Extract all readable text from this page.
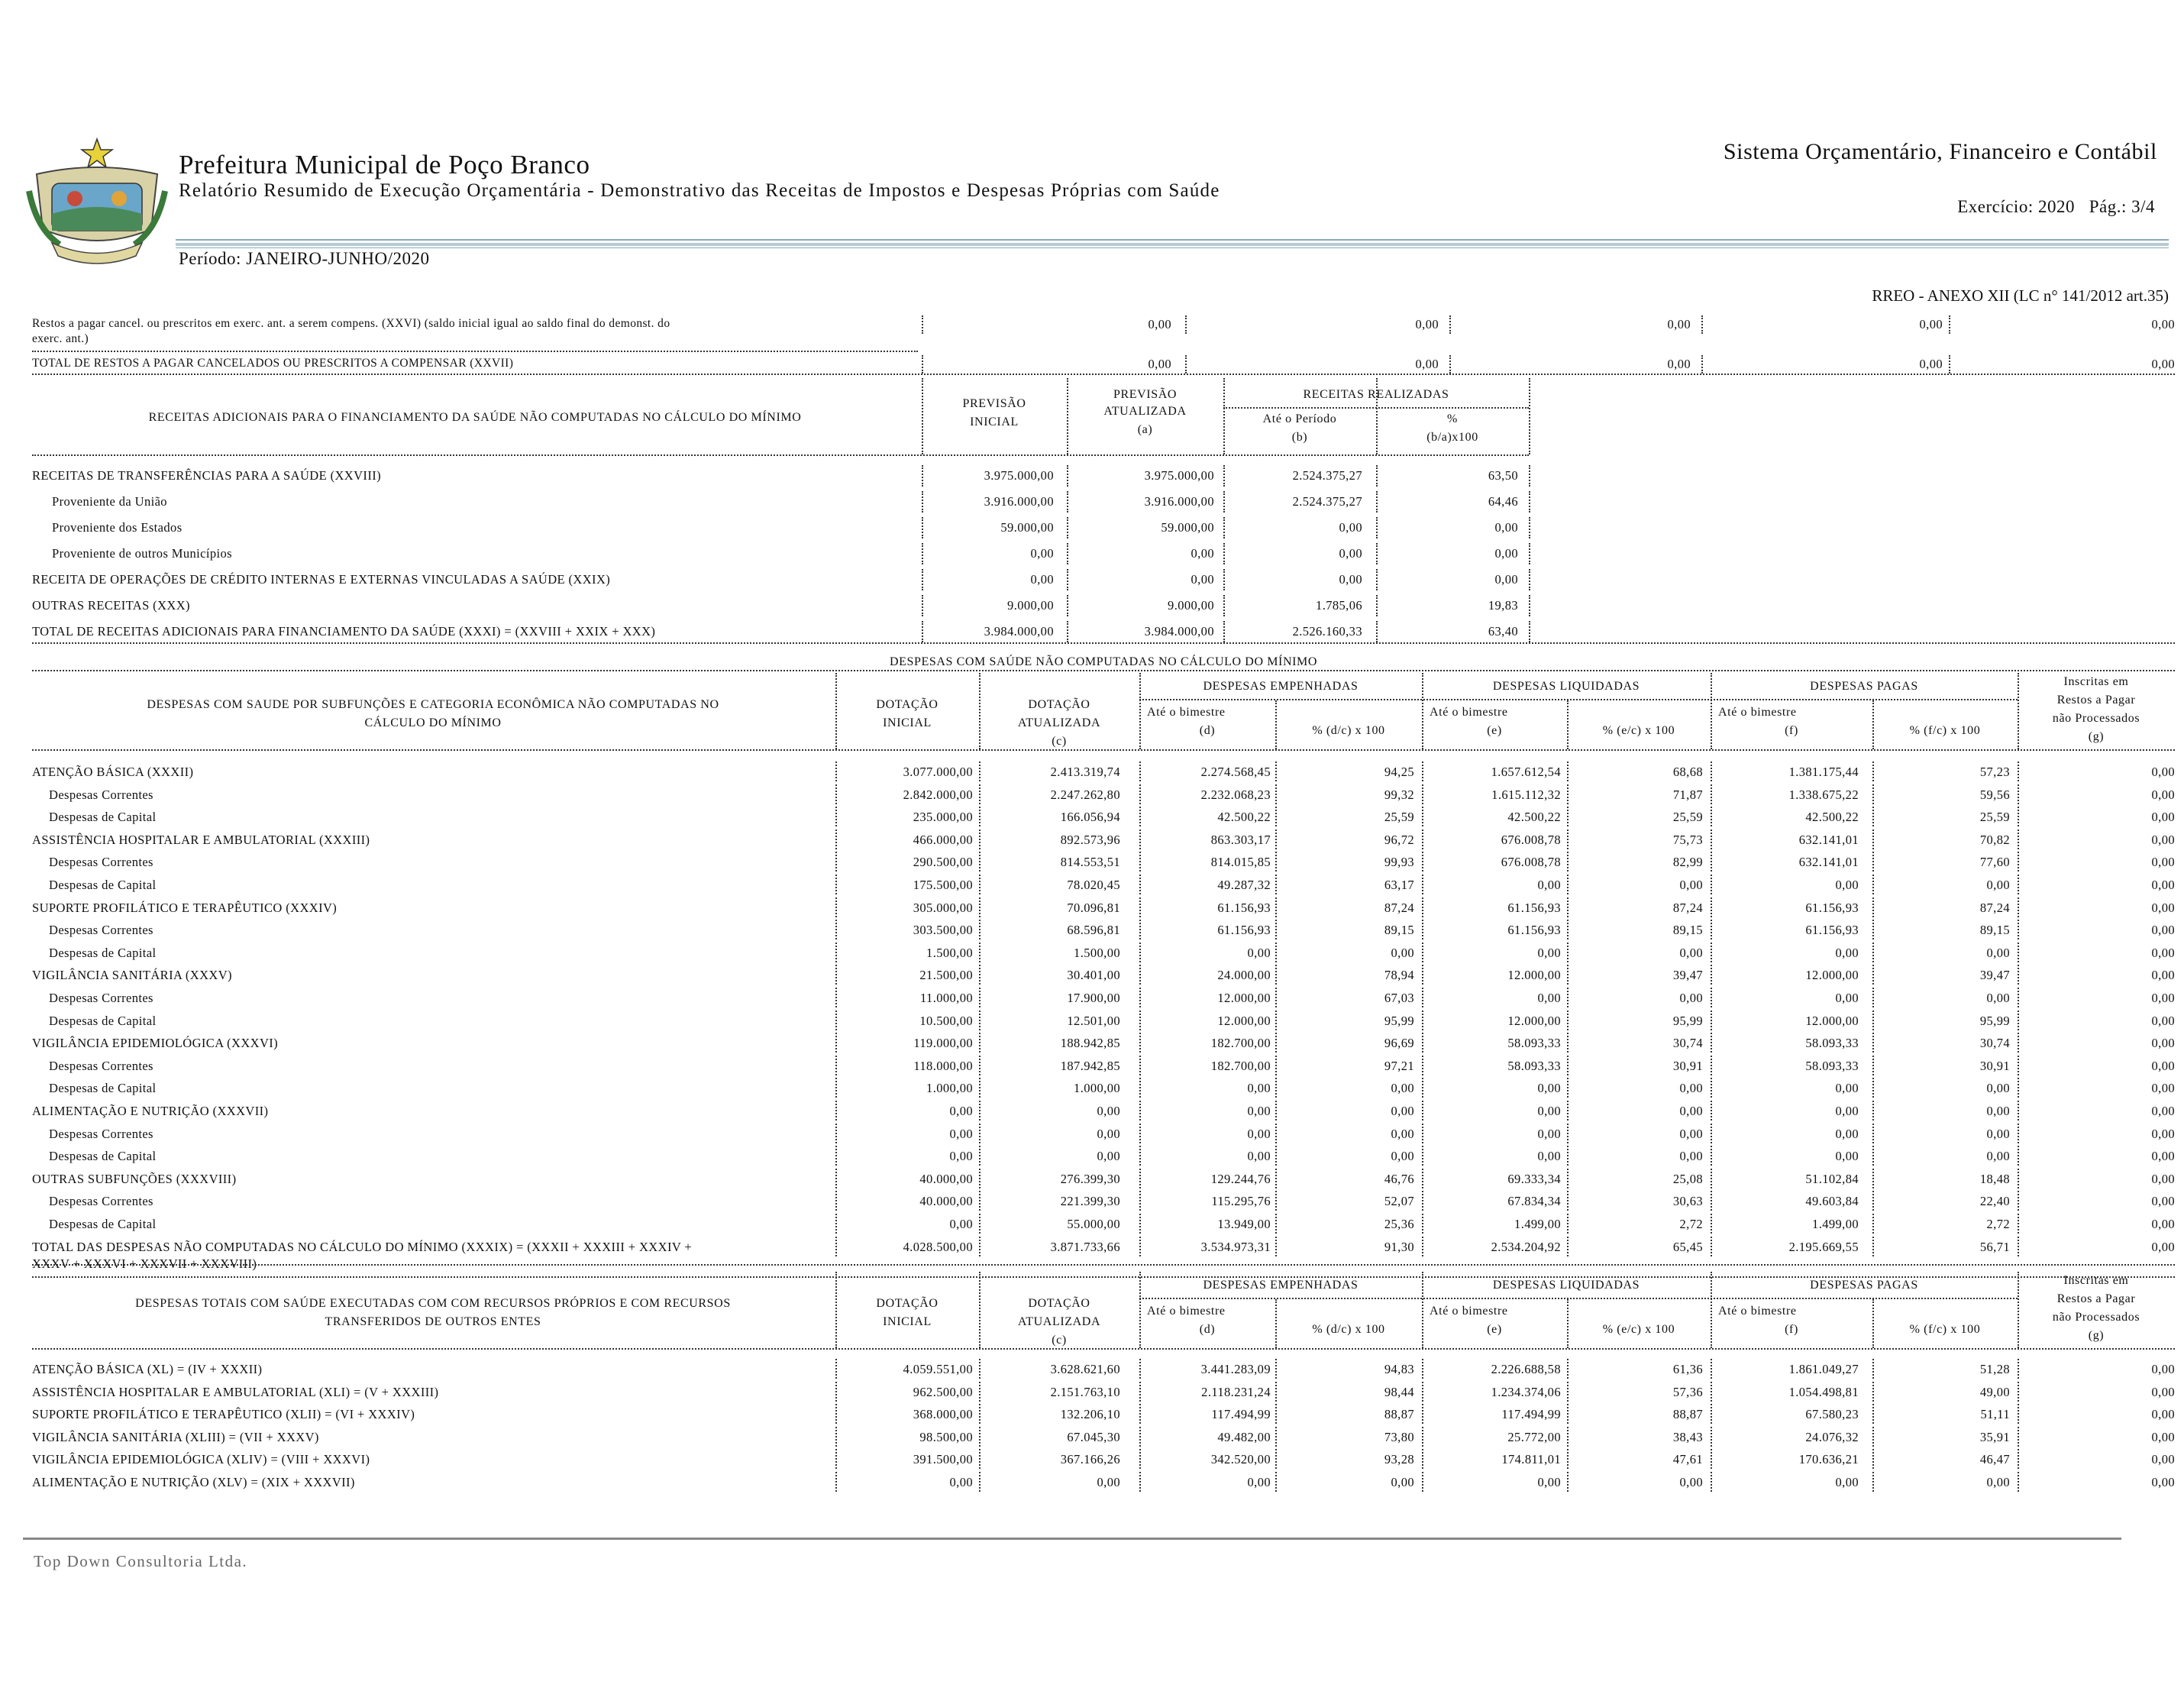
Prefeitura Municipal de Poço Branco
Relatório Resumido de Execução Orçamentária - Demonstrativo das Receitas de Impostos e Despesas Próprias com Saúde
Sistema Orçamentário, Financeiro e Contábil
Exercício: 2020   Pág.: 3/4
Período: JANEIRO-JUNHO/2020
RREO - ANEXO XII (LC n° 141/2012 art.35)
Restos a pagar cancel. ou prescritos em exerc. ant. a serem compens. (XXVI) (saldo inicial igual ao saldo final do demonst. do
exerc. ant.)
0,00	0,00	0,00	0,00	0,00
TOTAL DE RESTOS A PAGAR CANCELADOS OU PRESCRITOS A COMPENSAR (XXVII)	0,00	0,00	0,00	0,00	0,00
RECEITAS ADICIONAIS PARA O FINANCIAMENTO DA SAÚDE NÃO COMPUTADAS NO CÁLCULO DO MÍNIMO
PREVISÃO
INICIAL
PREVISÃO
ATUALIZADA
(a)
RECEITAS REALIZADAS
Até o Período
(b)
%
(b/a)x100
RECEITAS DE TRANSFERÊNCIAS PARA A SAÚDE (XXVIII)	3.975.000,00	3.975.000,00	2.524.375,27	63,50
Proveniente da União	3.916.000,00	3.916.000,00	2.524.375,27	64,46
Proveniente dos Estados	59.000,00	59.000,00	0,00	0,00
Proveniente de outros Municípios	0,00	0,00	0,00	0,00
RECEITA DE OPERAÇÕES DE CRÉDITO INTERNAS E EXTERNAS VINCULADAS A SAÚDE (XXIX)	0,00	0,00	0,00	0,00
OUTRAS RECEITAS (XXX)	9.000,00	9.000,00	1.785,06	19,83
TOTAL DE RECEITAS ADICIONAIS PARA FINANCIAMENTO DA SAÚDE (XXXI) = (XXVIII + XXIX + XXX)	3.984.000,00	3.984.000,00	2.526.160,33	63,40
DESPESAS COM SAÚDE NÃO COMPUTADAS NO CÁLCULO DO MÍNIMO
DESPESAS COM SAUDE POR SUBFUNÇÕES E CATEGORIA ECONÔMICA NÃO COMPUTADAS NO
CÁLCULO DO MÍNIMO
DOTAÇÃO
INICIAL
DOTAÇÃO
ATUALIZADA
(c)
DESPESAS EMPENHADAS
Até o bimestre
(d)	% (d/c) x 100
DESPESAS LIQUIDADAS
Até o bimestre
(e)	% (e/c) x 100
DESPESAS PAGAS
Até o bimestre
(f)	% (f/c) x 100
Inscritas em
Restos a Pagar
não Processados
(g)
ATENÇÃO BÁSICA (XXXII)	3.077.000,00	2.413.319,74	2.274.568,45	94,25	1.657.612,54	68,68	1.381.175,44	57,23	0,00
Despesas Correntes	2.842.000,00	2.247.262,80	2.232.068,23	99,32	1.615.112,32	71,87	1.338.675,22	59,56	0,00
Despesas de Capital	235.000,00	166.056,94	42.500,22	25,59	42.500,22	25,59	42.500,22	25,59	0,00
ASSISTÊNCIA HOSPITALAR E AMBULATORIAL (XXXIII)	466.000,00	892.573,96	863.303,17	96,72	676.008,78	75,73	632.141,01	70,82	0,00
Despesas Correntes	290.500,00	814.553,51	814.015,85	99,93	676.008,78	82,99	632.141,01	77,60	0,00
Despesas de Capital	175.500,00	78.020,45	49.287,32	63,17	0,00	0,00	0,00	0,00	0,00
SUPORTE PROFILÁTICO E TERAPÊUTICO (XXXIV)	305.000,00	70.096,81	61.156,93	87,24	61.156,93	87,24	61.156,93	87,24	0,00
Despesas Correntes	303.500,00	68.596,81	61.156,93	89,15	61.156,93	89,15	61.156,93	89,15	0,00
Despesas de Capital	1.500,00	1.500,00	0,00	0,00	0,00	0,00	0,00	0,00	0,00
VIGILÂNCIA SANITÁRIA (XXXV)	21.500,00	30.401,00	24.000,00	78,94	12.000,00	39,47	12.000,00	39,47	0,00
Despesas Correntes	11.000,00	17.900,00	12.000,00	67,03	0,00	0,00	0,00	0,00	0,00
Despesas de Capital	10.500,00	12.501,00	12.000,00	95,99	12.000,00	95,99	12.000,00	95,99	0,00
VIGILÂNCIA EPIDEMIOLÓGICA (XXXVI)	119.000,00	188.942,85	182.700,00	96,69	58.093,33	30,74	58.093,33	30,74	0,00
Despesas Correntes	118.000,00	187.942,85	182.700,00	97,21	58.093,33	30,91	58.093,33	30,91	0,00
Despesas de Capital	1.000,00	1.000,00	0,00	0,00	0,00	0,00	0,00	0,00	0,00
ALIMENTAÇÃO E NUTRIÇÃO (XXXVII)	0,00	0,00	0,00	0,00	0,00	0,00	0,00	0,00	0,00
Despesas Correntes	0,00	0,00	0,00	0,00	0,00	0,00	0,00	0,00	0,00
Despesas de Capital	0,00	0,00	0,00	0,00	0,00	0,00	0,00	0,00	0,00
OUTRAS SUBFUNÇÕES (XXXVIII)	40.000,00	276.399,30	129.244,76	46,76	69.333,34	25,08	51.102,84	18,48	0,00
Despesas Correntes	40.000,00	221.399,30	115.295,76	52,07	67.834,34	30,63	49.603,84	22,40	0,00
Despesas de Capital	0,00	55.000,00	13.949,00	25,36	1.499,00	2,72	1.499,00	2,72	0,00
TOTAL DAS DESPESAS NÃO COMPUTADAS NO CÁLCULO DO MÍNIMO (XXXIX) = (XXXII + XXXIII + XXXIV +	4.028.500,00	3.871.733,66	3.534.973,31	91,30	2.534.204,92	65,45	2.195.669,55	56,71	0,00
XXXV + XXXVI + XXXVII + XXXVIII)
DESPESAS TOTAIS COM SAÚDE EXECUTADAS COM COM RECURSOS PRÓPRIOS E COM RECURSOS
TRANSFERIDOS DE OUTROS ENTES
DOTAÇÃO
INICIAL
DOTAÇÃO
ATUALIZADA
(c)
DESPESAS EMPENHADAS
Até o bimestre
(d)	% (d/c) x 100
DESPESAS LIQUIDADAS
Até o bimestre
(e)	% (e/c) x 100
DESPESAS PAGAS
Até o bimestre
(f)	% (f/c) x 100
Inscritas em
Restos a Pagar
não Processados
(g)
ATENÇÃO BÁSICA (XL) = (IV + XXXII)	4.059.551,00	3.628.621,60	3.441.283,09	94,83	2.226.688,58	61,36	1.861.049,27	51,28	0,00
ASSISTÊNCIA HOSPITALAR E AMBULATORIAL (XLI) = (V + XXXIII)	962.500,00	2.151.763,10	2.118.231,24	98,44	1.234.374,06	57,36	1.054.498,81	49,00	0,00
SUPORTE PROFILÁTICO E TERAPÊUTICO (XLII) = (VI + XXXIV)	368.000,00	132.206,10	117.494,99	88,87	117.494,99	88,87	67.580,23	51,11	0,00
VIGILÂNCIA SANITÁRIA (XLIII) = (VII + XXXV)	98.500,00	67.045,30	49.482,00	73,80	25.772,00	38,43	24.076,32	35,91	0,00
VIGILÂNCIA EPIDEMIOLÓGICA (XLIV) = (VIII + XXXVI)	391.500,00	367.166,26	342.520,00	93,28	174.811,01	47,61	170.636,21	46,47	0,00
ALIMENTAÇÃO E NUTRIÇÃO (XLV) = (XIX + XXXVII)	0,00	0,00	0,00	0,00	0,00	0,00	0,00	0,00	0,00
Top Down Consultoria Ltda.
